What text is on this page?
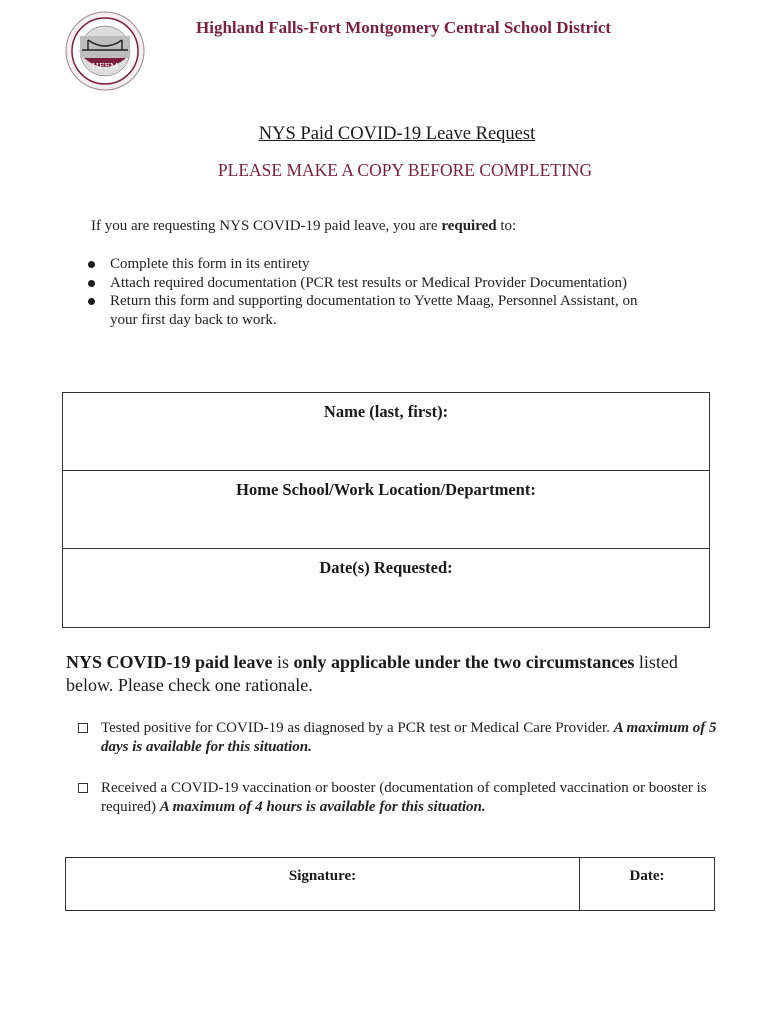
HFFM
Highland Falls-Fort Montgomery Central School District
NYS Paid COVID-19 Leave Request
PLEASE MAKE A COPY BEFORE COMPLETING
If you are requesting NYS COVID-19 paid leave, you are required to:
Complete this form in its entirety
Attach required documentation (PCR test results or Medical Provider Documentation)
Return this form and supporting documentation to Yvette Maag, Personnel Assistant, on your first day back to work.
Name (last, first):
Home School/Work Location/Department:
Date(s) Requested:
NYS COVID-19 paid leave is only applicable under the two circumstances listed below. Please check one rationale.
Tested positive for COVID-19 as diagnosed by a PCR test or Medical Care Provider. A maximum of 5 days is available for this situation.
Received a COVID-19 vaccination or booster (documentation of completed vaccination or booster is required) A maximum of 4 hours is available for this situation.
Signature:	Date:
